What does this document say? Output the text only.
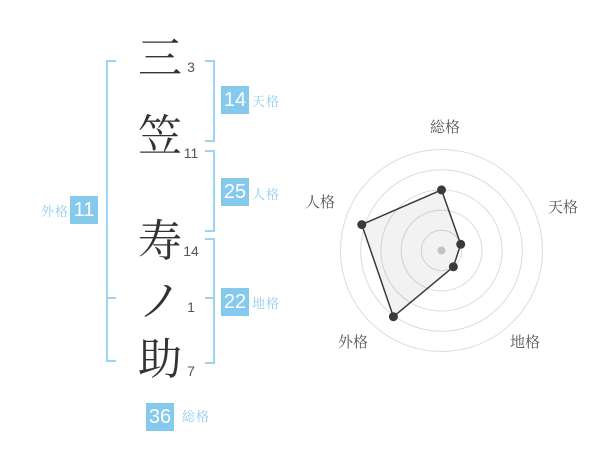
三
笠
寿
ノ
助
3
11
14
1
7
14 天格
25 人格
22 地格
11
外格
36 総格
総格
天格
地格
外格
人格
